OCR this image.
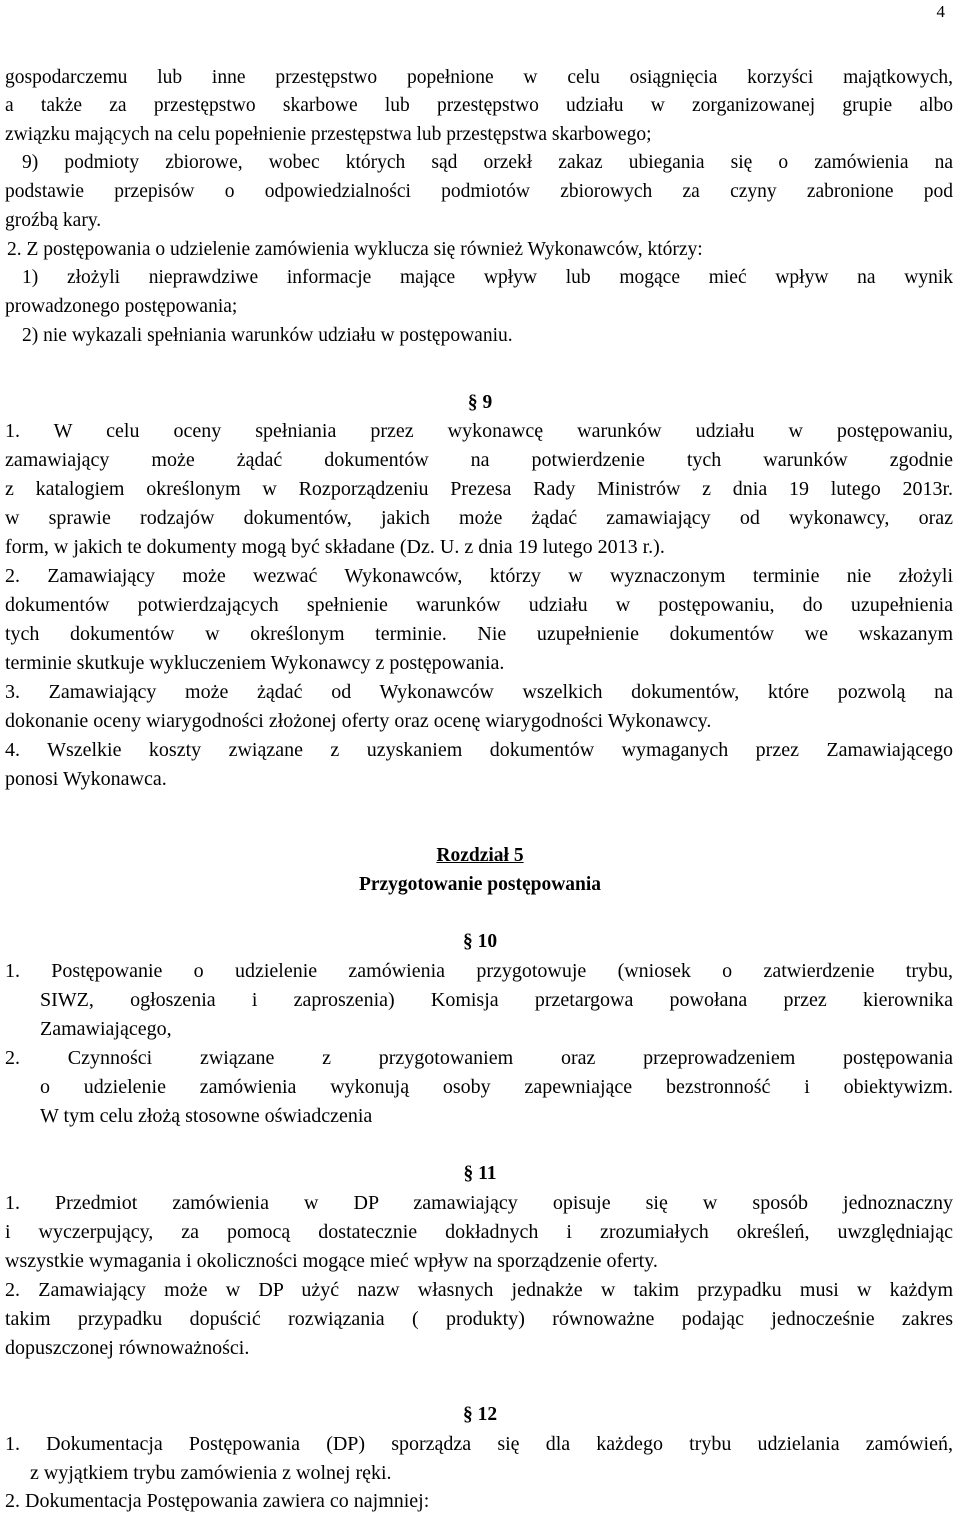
4
gospodarczemu lub inne przestępstwo popełnione w celu osiągnięcia korzyści majątkowych,
a także za przestępstwo skarbowe lub przestępstwo udziału w zorganizowanej grupie albo
związku mających na celu popełnienie przestępstwa lub przestępstwa skarbowego;
9) podmioty zbiorowe, wobec których sąd orzekł zakaz ubiegania się o zamówienia na
podstawie przepisów o odpowiedzialności podmiotów zbiorowych za czyny zabronione pod
groźbą kary.
2. Z postępowania o udzielenie zamówienia wyklucza się również Wykonawców, którzy:
1) złożyli nieprawdziwe informacje mające wpływ lub mogące mieć wpływ na wynik
prowadzonego postępowania;
2) nie wykazali spełniania warunków udziału w postępowaniu.
§ 9
1. W celu oceny spełniania przez wykonawcę warunków udziału w postępowaniu,
zamawiający może żądać dokumentów na potwierdzenie tych warunków zgodnie
z katalogiem określonym w Rozporządzeniu Prezesa Rady Ministrów z dnia 19 lutego 2013r.
w sprawie rodzajów dokumentów, jakich może żądać zamawiający od wykonawcy, oraz
form, w jakich te dokumenty mogą być składane (Dz. U. z dnia 19 lutego 2013 r.).
2. Zamawiający może wezwać Wykonawców, którzy w wyznaczonym terminie nie złożyli
dokumentów potwierdzających spełnienie warunków udziału w postępowaniu, do uzupełnienia
tych dokumentów w określonym terminie. Nie uzupełnienie dokumentów we wskazanym
terminie skutkuje wykluczeniem Wykonawcy z postępowania.
3. Zamawiający może żądać od Wykonawców wszelkich dokumentów, które pozwolą na
dokonanie oceny wiarygodności złożonej oferty oraz ocenę wiarygodności Wykonawcy.
4. Wszelkie koszty związane z uzyskaniem dokumentów wymaganych przez Zamawiającego
ponosi Wykonawca.
Rozdział 5
Przygotowanie postępowania
§ 10
1. Postępowanie o udzielenie zamówienia przygotowuje (wniosek o zatwierdzenie trybu,
SIWZ, ogłoszenia i zaproszenia) Komisja przetargowa powołana przez kierownika
Zamawiającego,
2. Czynności związane z przygotowaniem oraz przeprowadzeniem postępowania
o udzielenie zamówienia wykonują osoby zapewniające bezstronność i obiektywizm.
W tym celu złożą stosowne oświadczenia
§ 11
1. Przedmiot zamówienia w DP zamawiający opisuje się w sposób jednoznaczny
i wyczerpujący, za pomocą dostatecznie dokładnych i zrozumiałych określeń, uwzględniając
wszystkie wymagania i okoliczności mogące mieć wpływ na sporządzenie oferty.
2. Zamawiający może w DP użyć nazw własnych jednakże w takim przypadku musi w każdym
takim przypadku dopuścić rozwiązania ( produkty) równoważne podając jednocześnie zakres
dopuszczonej równoważności.
§ 12
1. Dokumentacja Postępowania (DP) sporządza się dla każdego trybu udzielania zamówień,
z wyjątkiem trybu zamówienia z wolnej ręki.
2. Dokumentacja Postępowania zawiera co najmniej:
